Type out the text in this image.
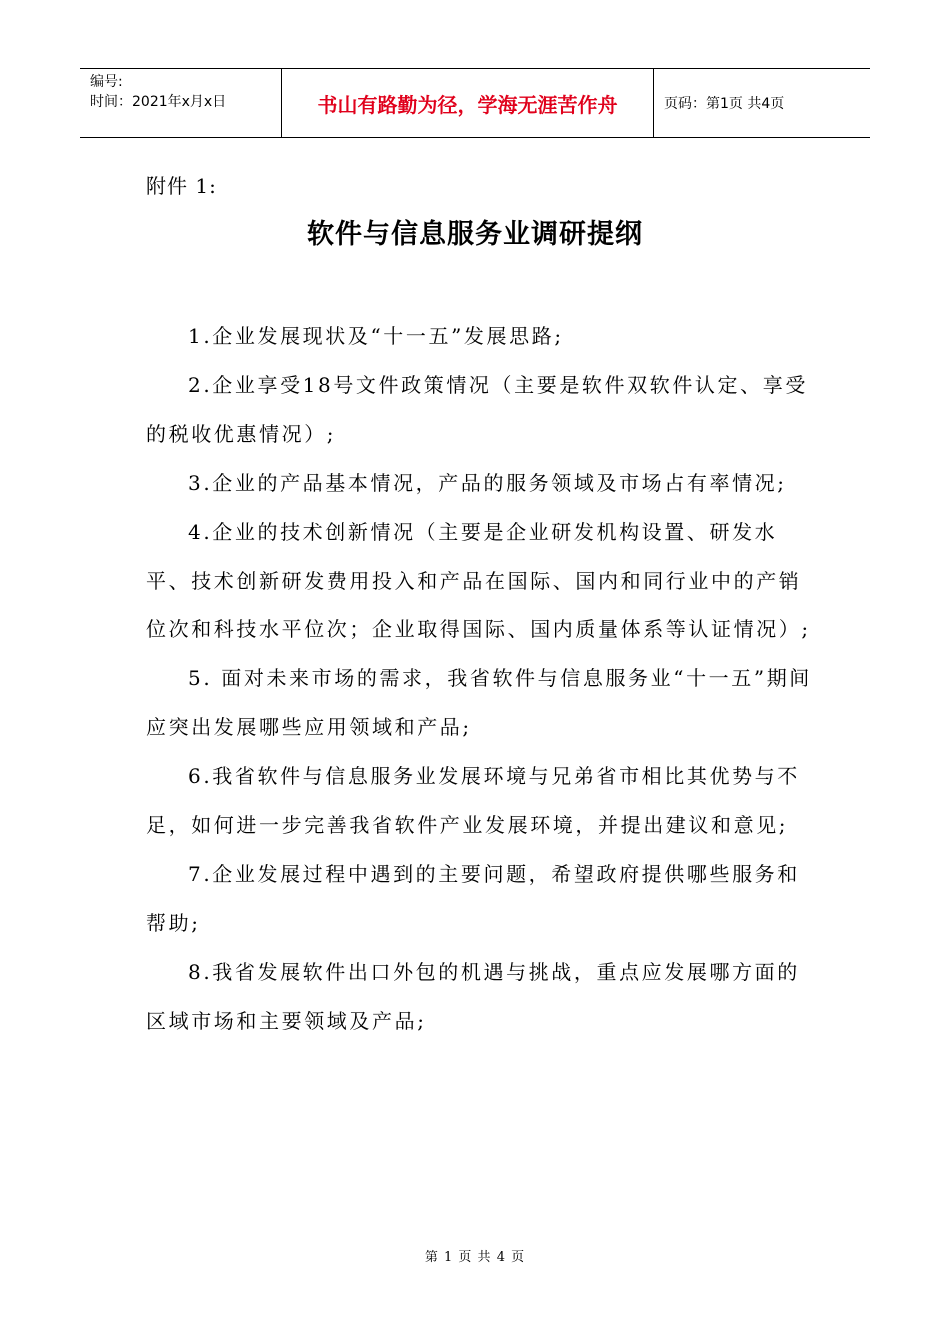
编号:
时间：2021年x月x日	书山有路勤为径，学海无涯苦作舟	页码：第1页 共4页
附件 1:
软件与信息服务业调研提纲

1.企业发展现状及“十一五”发展思路;

2.企业享受18号文件政策情况（主要是软件双软件认定、享受的税收优惠情况）;

3.企业的产品基本情况，产品的服务领域及市场占有率情况;

4.企业的技术创新情况（主要是企业研发机构设置、研发水平、技术创新研发费用投入和产品在国际、国内和同行业中的产销位次和科技水平位次；企业取得国际、国内质量体系等认证情况）;

5. 面对未来市场的需求，我省软件与信息服务业“十一五”期间应突出发展哪些应用领域和产品;

6.我省软件与信息服务业发展环境与兄弟省市相比其优势与不足，如何进一步完善我省软件产业发展环境，并提出建议和意见;

7.企业发展过程中遇到的主要问题，希望政府提供哪些服务和帮助;

8.我省发展软件出口外包的机遇与挑战，重点应发展哪方面的区域市场和主要领域及产品;

第 1 页 共 4 页
